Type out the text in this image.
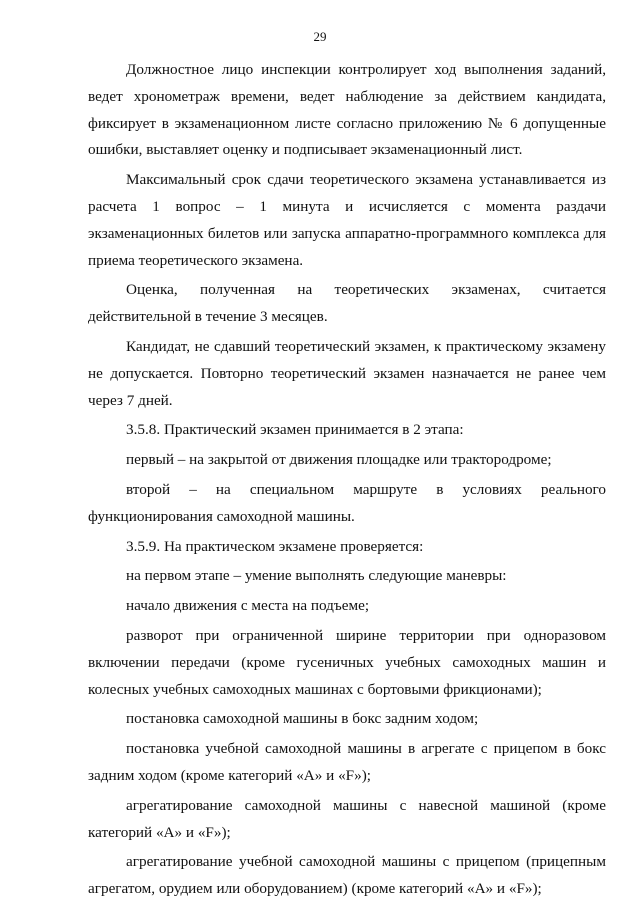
29

Должностное лицо инспекции контролирует ход выполнения заданий, ведет хронометраж времени, ведет наблюдение за действием кандидата, фиксирует в экзаменационном листе согласно приложению № 6 допущенные ошибки, выставляет оценку и подписывает экзаменационный лист.

Максимальный срок сдачи теоретического экзамена устанавливается из расчета 1 вопрос – 1 минута и исчисляется с момента раздачи экзаменационных билетов или запуска аппаратно-программного комплекса для приема теоретического экзамена.

Оценка, полученная на теоретических экзаменах, считается действительной в течение 3 месяцев.

Кандидат, не сдавший теоретический экзамен, к практическому экзамену не допускается. Повторно теоретический экзамен назначается не ранее чем через 7 дней.

3.5.8. Практический экзамен принимается в 2 этапа:

первый – на закрытой от движения площадке или трактородроме;

второй – на специальном маршруте в условиях реального функционирования самоходной машины.

3.5.9. На практическом экзамене проверяется:

на первом этапе – умение выполнять следующие маневры:

начало движения с места на подъеме;

разворот при ограниченной ширине территории при одноразовом включении передачи (кроме гусеничных учебных самоходных машин и колесных учебных самоходных машинах с бортовыми фрикционами);

постановка самоходной машины в бокс задним ходом;

постановка учебной самоходной машины в агрегате с прицепом в бокс задним ходом (кроме категорий «А» и «F»);

агрегатирование самоходной машины с навесной машиной (кроме категорий «А» и «F»);

агрегатирование учебной самоходной машины с прицепом (прицепным агрегатом, орудием или оборудованием) (кроме категорий «А» и «F»);
